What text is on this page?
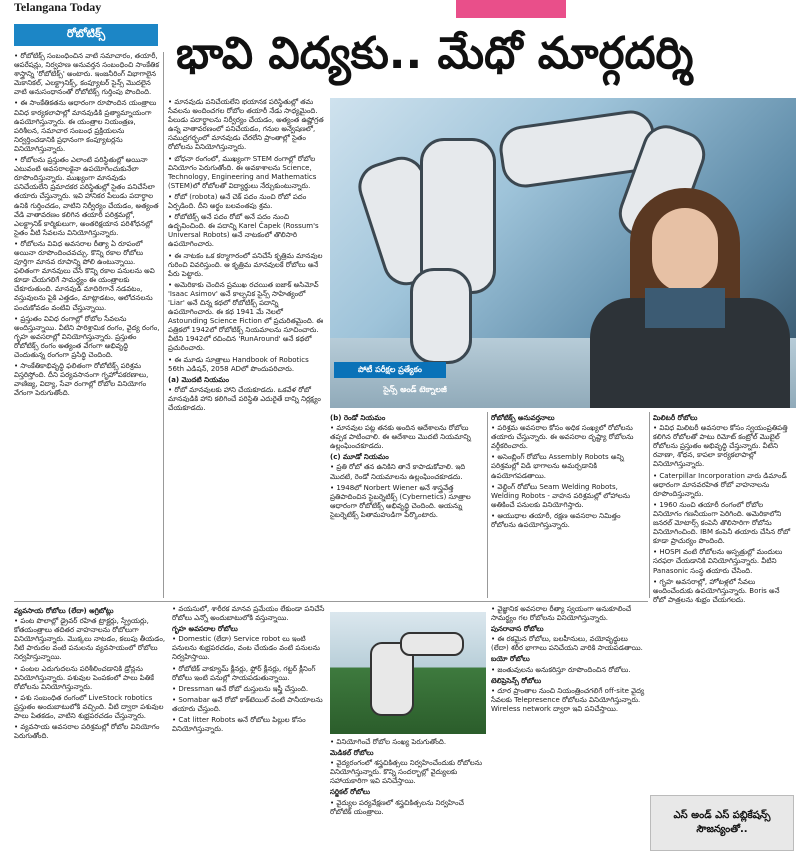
Telangana Today
రోబోటిక్స్	భావి విద్యకు.. మేధో మార్గదర్శి

• రోబోటిక్స్ సంబంధించిన వాటి సమాచారం, తయారీ, ఆపరేషన్లు, నిర్వహణ అనువర్తన సంబంధించి సాంకేతిక శాస్త్రాన్ని 'రోబోటిక్స్' అంటారు. ఇంజనీరింగ్ విభాగాలైన మెకానికల్, ఎలక్ట్రానిక్స్, కంప్యూటర్ సైన్స్ మొదలైన వాటి అనుసంధానంతో రోబోటిక్స్ గుర్తింపు పొందింది.

• ఈ సాంకేతికతను ఆధారంగా రూపొందిన యంత్రాలు వివిధ కార్యకలాపాల్లో మానవుడికి ప్రత్యామ్నాయంగా ఉపయోగిస్తున్నారు. ఈ యంత్రాల నియంత్రణ, పరిశీలన, సమాచార సంబంధ ప్రక్రియలను నిర్వర్తించడానికి ప్రధానంగా కంప్యూటర్లను వినియోగిస్తున్నారు.

• రోబోలను ప్రస్తుతం ఎలాంటి పరిస్థితుల్లో అయినా ఎటువంటి అవసరాలకైనా ఉపయోగించుకునేలా రూపొందిస్తున్నారు. ముఖ్యంగా మానవుడు పనిచేయలేని ప్రమాదకర పరిస్థితుల్లో సైతం పనిచేసేలా తయారు చేస్తున్నారు. ఇవి హానికర పేలుడు పదార్థాల ఉనికి గుర్తించడం, వాటిని నిర్వీర్యం చేయడం, అత్యంత వేడి వాతావరణం కలిగిన తయారీ పరిశ్రమల్లో, ఎలక్ట్రానిక్ కార్మికులుగా, అంతరిక్షయాన పరిశోధనల్లో సైతం వీటి సేవలను వినియోగిస్తున్నారు.

• రోబోలను వివిధ అవసరాల రీత్యా ఏ రూపంలో అయినా రూపొందించవచ్చు. కొన్ని రకాల రోబోలు పూర్తిగా మానవ రూపాన్ని పోలి ఉంటున్నాయి. ఫలితంగా మానవులు చేసే కొన్ని రకాల పనులను అవి కూడా చేయగలిగే సామర్థ్యం ఈ యంత్రాలకు చేకూరుతుంది. మానవుడి మాదిరిగానే నడవటం, వస్తువులను పైకి ఎత్తడం, మాట్లాడటం, ఆలోచనలను పంచుకోవడం వంటివి చేస్తున్నాయి.

• ప్రస్తుతం వివిధ రంగాల్లో రోబోల సేవలను అందిస్తున్నాయి. వీటిని పారిశ్రామిక రంగం, వైద్య రంగం, గృహ అవసరాల్లో వినియోగిస్తున్నారు. ప్రస్తుతం రోబోటిక్స్ రంగం అత్యంత వేగంగా అభివృద్ధి చెందుతున్న రంగంగా ప్రసిద్ధి చెందింది.

• సాంకేతికాభివృద్ధి ఫలితంగా రోబోటిక్స్ పరిశ్రమ విస్తరిస్తోంది. దీని పర్యవసానంగా గృహోపకరణాలు, వాణిజ్య, విద్యా, సేవా రంగాల్లో రోబోల వినియోగం వేగంగా పెరుగుతోంది.

• మానవుడు పనిచేయలేని భయానక పరిస్థితుల్లో తమ సేవలను అందించగల రోబోల తయారీ నేడు సాధ్యమైంది. పేలుడు పదార్థాలను నిర్వీర్యం చేయడం, అత్యంత ఉష్ణోగ్రత ఉన్న వాతావరణంలో పనిచేయడం, గనుల అన్వేషణలో, సముద్రగర్భంలో మానవుడు చేరలేని ప్రాంతాల్లో సైతం రోబోలను వినియోగిస్తున్నారు.

• బోధనా రంగంలో, ముఖ్యంగా STEM రంగాల్లో రోబోల వినియోగం పెరుగుతోంది. ఈ అవకాశాలను Science, Technology, Engineering and Mathematics (STEM)లో రోబోలతో విద్యార్థులు నేర్చుకుంటున్నారు.

• రోబో (robota) అనే చెక్ పదం నుంచి రోబో పదం ఏర్పడింది. దీని అర్థం బలవంతపు శ్రమ.

• రోబోటిక్స్ అనే పదం రోబో అనే పదం నుంచి ఉద్భవించింది. ఈ పదాన్ని Karel Čapek (Rossum's Universal Robots) అనే నాటకంలో తొలిసారి ఉపయోగించారు.

• ఈ నాటకం ఒక కర్మాగారంలో పనిచేసే కృత్రిమ మానవుల గురించి వివరిస్తుంది. ఆ కృత్రిమ మానవులకే రోబోలు అనే పేరు పెట్టారు.

• అమెరికాకు చెందిన ప్రముఖ రచయిత ఐజాక్ అసిమోవ్ 'Isaac Asimov' అనే కాల్పనిక సైన్స్ సాహిత్యంలో 'Liar' అనే చిన్న కథలో రోబోటిక్స్ పదాన్ని ఉపయోగించారు. ఈ కథ 1941 మే నెలలో Astounding Science Fiction లో ప్రచురితమైంది. ఈ పత్రికలో 1942లో రోబోటిక్స్ నియమాలను సూచించారు. వీటిని 1942లో రచించిన 'RunAround' అనే కథలో ప్రచురించారు.

• ఈ మూడు సూత్రాలు Handbook of Robotics 56th ఎడిషన్, 2058 ADలో పొందుపరిచారు.

(a) మొదటి నియమం

• రోబో మానవులకు హాని చేయకూడదు. ఒకవేళ రోబో మానవుడికి హాని కలిగించే పరిస్థితి ఎదురైతే దాన్ని నిర్లక్ష్యం చేయకూడదు.

పోటీ పరీక్షల ప్రత్యేకం
సైన్స్ అండ్ టెక్నాలజీ

(b) రెండో నియమం

• మానవుల పట్ల తనకు అందిన ఆదేశాలను రోబోలు తప్పక పాటించాలి. ఈ ఆదేశాలు మొదటి నియమాన్ని ఉల్లంఘించకూడదు.

(c) మూడో నియమం

• ప్రతి రోబో తన ఉనికిని తానే కాపాడుకోవాలి. ఇది మొదటి, రెండో నియమాలను ఉల్లంఘించకూడదు.

• 1948లో Norbert Wiener అనే శాస్త్రవేత్త ప్రతిపాదించిన సైబర్నెటిక్స్ (Cybernetics) సూత్రాల ఆధారంగా రోబోటిక్స్ అభివృద్ధి చెందింది. ఆయన్ను సైబర్నెటిక్స్ పితామహుడిగా పేర్కొంటారు.

రోబోటిక్స్ అనువర్తనాలు

• పరిశ్రమ అవసరాల కోసం అధిక సంఖ్యలో రోబోలను తయారు చేస్తున్నారు. ఈ అవసరాల దృష్ట్యా రోబోలను వర్గీకరించారు.

• అసెంబ్లింగ్ రోబోలు Assembly Robots అన్ని పరిశ్రమల్లో విడి భాగాలను అమర్చడానికి ఉపయోగపడతాయి.

• వెల్డింగ్ రోబోలు Seam Welding Robots, Welding Robots - వాహన పరిశ్రమల్లో లోహాలను అతికించే పనులకు వినియోగిస్తారు.

• ఆయుధాల తయారీ, రక్షణ అవసరాల నిమిత్తం రోబోలను ఉపయోగిస్తున్నారు.

మిలిటరీ రోబోలు

• వివిధ మిలిటరీ అవసరాల కోసం స్వయంప్రతిపత్తి కలిగిన రోబోలతో పాటు రిమోట్ కంట్రోల్ మొబైల్ రోబోలను ప్రస్తుతం అభివృద్ధి చేస్తున్నారు. వీటిని రవాణా, శోధన, కాపలా కార్యకలాపాల్లో వినియోగిస్తున్నారు.

• Caterpillar Incorporation వారు డిమాండ్ ఆధారంగా మానవరహిత రోబో వాహనాలను రూపొందిస్తున్నారు.

• 1960 నుంచి తయారీ రంగంలో రోబోల వినియోగం గణనీయంగా పెరిగింది. అమెరికాలోని జనరల్ మోటార్స్ కంపెనీ తొలిసారిగా రోబోను వినియోగించింది. IBM కంపెనీ తయారు చేసిన రోబో కూడా ప్రాచుర్యం పొందింది.

• HOSPI వంటి రోబోలను ఆస్పత్రుల్లో మందులు సరఫరా చేయడానికి వినియోగిస్తున్నారు. వీటిని Panasonic సంస్థ తయారు చేసింది.

• గృహ అవసరాల్లో, హోటళ్లలో సేవలు అందించేందుకు ఉపయోగిస్తున్నారు. Boris అనే రోబో పాత్రలను శుభ్రం చేయగలదు.

వ్యవసాయ రోబోలు (లేదా) అగ్రిబోట్లు

• పంట పొలాల్లో డ్రైవర్ రహిత ట్రాక్టర్లు, స్ప్రేయర్లు, కోతయంత్రాలు తదితర వాహనాలను రోబోలుగా వినియోగిస్తున్నారు. మొక్కలు నాటడం, కలుపు తీయడం, నీటి పారుదల వంటి పనులను వ్యవసాయంలో రోబోలు నిర్వహిస్తున్నాయి.

• పంటల ఎదుగుదలను పరిశీలించడానికి డ్రోన్లను వినియోగిస్తున్నారు. పశువుల పెంపకంలో పాలు పితికే రోబోలను వినియోగిస్తున్నారు.

• పశు సంబంధిత రంగంలో LiveStock robotics ప్రస్తుతం అందుబాటులోకి వచ్చింది. వీటి ద్వారా పశువుల పాలు పితకడం, వాటిని శుభ్రపరచడం చేస్తున్నారు.

• వ్యవసాయ అవసరాల పరిశ్రమల్లో రోబోల వినియోగం పెరుగుతోంది.

• వయసులో, శారీరక మానవ ప్రమేయం లేకుండా పనిచేసే రోబోలు ఎన్నో అందుబాటులోకి వస్తున్నాయి.

గృహ అవసరాల రోబోలు

• Domestic (లేదా) Service robot లు ఇంటి పనులను శుభ్రపరచడం, వంట చేయడం వంటి పనులను నిర్వహిస్తాయి.

• రోబోటిక్ వాక్యూమ్ క్లీనర్లు, ఫ్లోర్ క్లీనర్లు, గట్టర్ క్లీనింగ్ రోబోలు ఇంటి పనుల్లో సాయపడుతున్నాయి.

• Dressman అనే రోబో దుస్తులను ఇస్త్రీ చేస్తుంది.

• Somabar అనే రోబో కాక్‌టెయిల్ వంటి పానీయాలను తయారు చేస్తుంది.

• Cat litter Robots అనే రోబోలు పిల్లుల కోసం వినియోగిస్తున్నారు.

• వినియోగించే రోబోల సంఖ్య పెరుగుతోంది.

మెడికల్ రోబోలు

• వైద్యరంగంలో శస్త్రచికిత్సలు నిర్వహించేందుకు రోబోలను వినియోగిస్తున్నారు. కొన్ని సందర్భాల్లో వైద్యులకు సహాయకారిగా ఇవి పనిచేస్తాయి.

సర్జికల్ రోబోలు

• వైద్యుల పర్యవేక్షణలో శస్త్రచికిత్సలను నిర్వహించే రోబోటిక్ యంత్రాలు.

• వైజ్ఞానిక అవసరాల రీత్యా స్వయంగా అనుకూలించే సామర్థ్యం గల రోబోలను వినియోగిస్తున్నారు.

పునరావాస రోబోలు

• ఈ రకమైన రోబోలు, బలహీనులు, వయోవృద్ధులు (లేదా) శరీర భాగాలు పనిచేయని వారికి సాయపడతాయి.

బయో రోబోలు

• జంతువులను అనుకరిస్తూ రూపొందించిన రోబోలు.

టెలిప్రెసెన్స్ రోబోలు

• దూర ప్రాంతాల నుంచి నియంత్రించగలిగే off-site వైద్య సేవలకు Telepresence రోబోలను వినియోగిస్తున్నారు. Wireless network ద్వారా ఇవి పనిచేస్తాయి.

ఎస్ అండ్ ఎస్ పబ్లికేషన్స్
సౌజన్యంతో..
